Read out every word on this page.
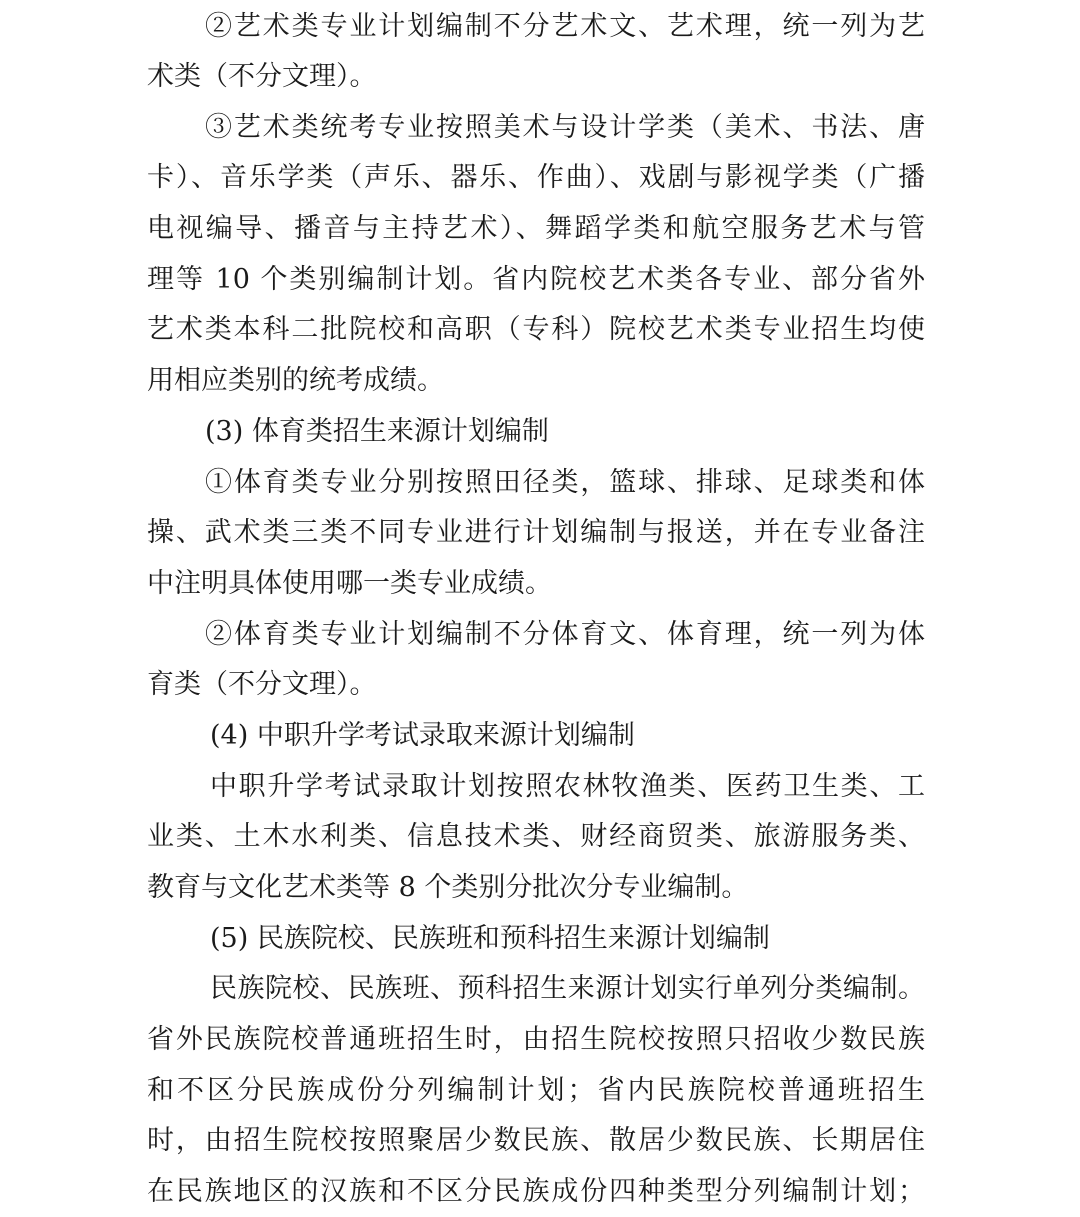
②艺术类专业计划编制不分艺术文、艺术理，统一列为艺
术类（不分文理）。
③艺术类统考专业按照美术与设计学类（美术、书法、唐
卡）、音乐学类（声乐、器乐、作曲）、戏剧与影视学类（广播
电视编导、播音与主持艺术）、舞蹈学类和航空服务艺术与管
理等 10 个类别编制计划。省内院校艺术类各专业、部分省外
艺术类本科二批院校和高职（专科）院校艺术类专业招生均使
用相应类别的统考成绩。
(3) 体育类招生来源计划编制
①体育类专业分别按照田径类，篮球、排球、足球类和体
操、武术类三类不同专业进行计划编制与报送，并在专业备注
中注明具体使用哪一类专业成绩。
②体育类专业计划编制不分体育文、体育理，统一列为体
育类（不分文理）。
(4) 中职升学考试录取来源计划编制
中职升学考试录取计划按照农林牧渔类、医药卫生类、工
业类、土木水利类、信息技术类、财经商贸类、旅游服务类、
教育与文化艺术类等 8 个类别分批次分专业编制。
(5) 民族院校、民族班和预科招生来源计划编制
民族院校、民族班、预科招生来源计划实行单列分类编制。
省外民族院校普通班招生时，由招生院校按照只招收少数民族
和不区分民族成份分列编制计划；省内民族院校普通班招生
时，由招生院校按照聚居少数民族、散居少数民族、长期居住
在民族地区的汉族和不区分民族成份四种类型分列编制计划；
